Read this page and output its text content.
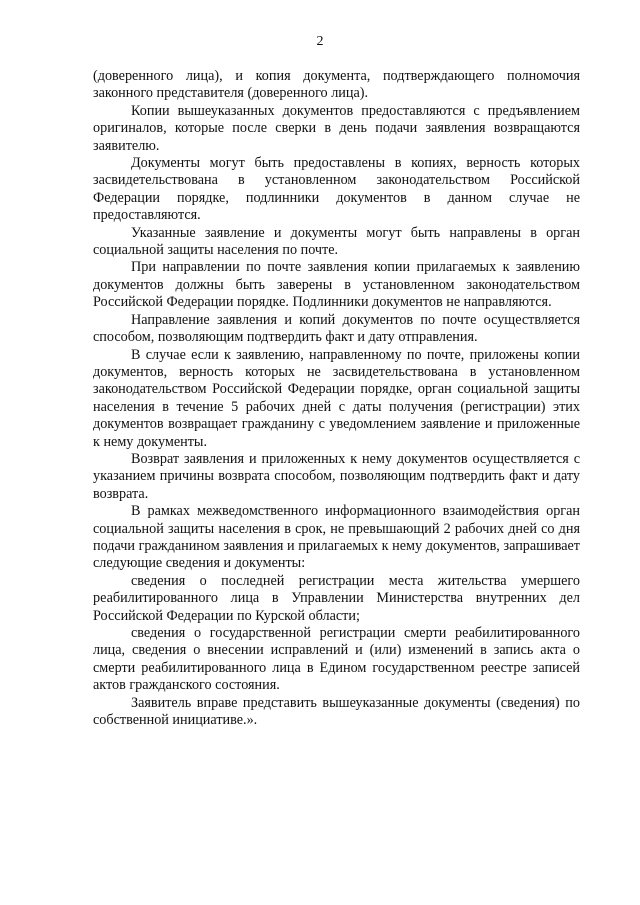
2

(доверенного лица), и копия документа, подтверждающего полномочия законного представителя (доверенного лица).

Копии вышеуказанных документов предоставляются с предъявлением оригиналов, которые после сверки в день подачи заявления возвращаются заявителю.

Документы могут быть предоставлены в копиях, верность которых засвидетельствована в установленном законодательством Российской Федерации порядке, подлинники документов в данном случае не предоставляются.

Указанные заявление и документы могут быть направлены в орган социальной защиты населения по почте.

При направлении по почте заявления копии прилагаемых к заявлению документов должны быть заверены в установленном законодательством Российской Федерации порядке. Подлинники документов не направляются.

Направление заявления и копий документов по почте осуществляется способом, позволяющим подтвердить факт и дату отправления.

В случае если к заявлению, направленному по почте, приложены копии документов, верность которых не засвидетельствована в установленном законодательством Российской Федерации порядке, орган социальной защиты населения в течение 5 рабочих дней с даты получения (регистрации) этих документов возвращает гражданину с уведомлением заявление и приложенные к нему документы.

Возврат заявления и приложенных к нему документов осуществляется с указанием причины возврата способом, позволяющим подтвердить факт и дату возврата.

В рамках межведомственного информационного взаимодействия орган социальной защиты населения в срок, не превышающий 2 рабочих дней со дня подачи гражданином заявления и прилагаемых к нему документов, запрашивает следующие сведения и документы:

сведения о последней регистрации места жительства умершего реабилитированного лица в Управлении Министерства внутренних дел Российской Федерации по Курской области;

сведения о государственной регистрации смерти реабилитированного лица, сведения о внесении исправлений и (или) изменений в запись акта о смерти реабилитированного лица в Едином государственном реестре записей актов гражданского состояния.

Заявитель вправе представить вышеуказанные документы (сведения) по собственной инициативе.».
